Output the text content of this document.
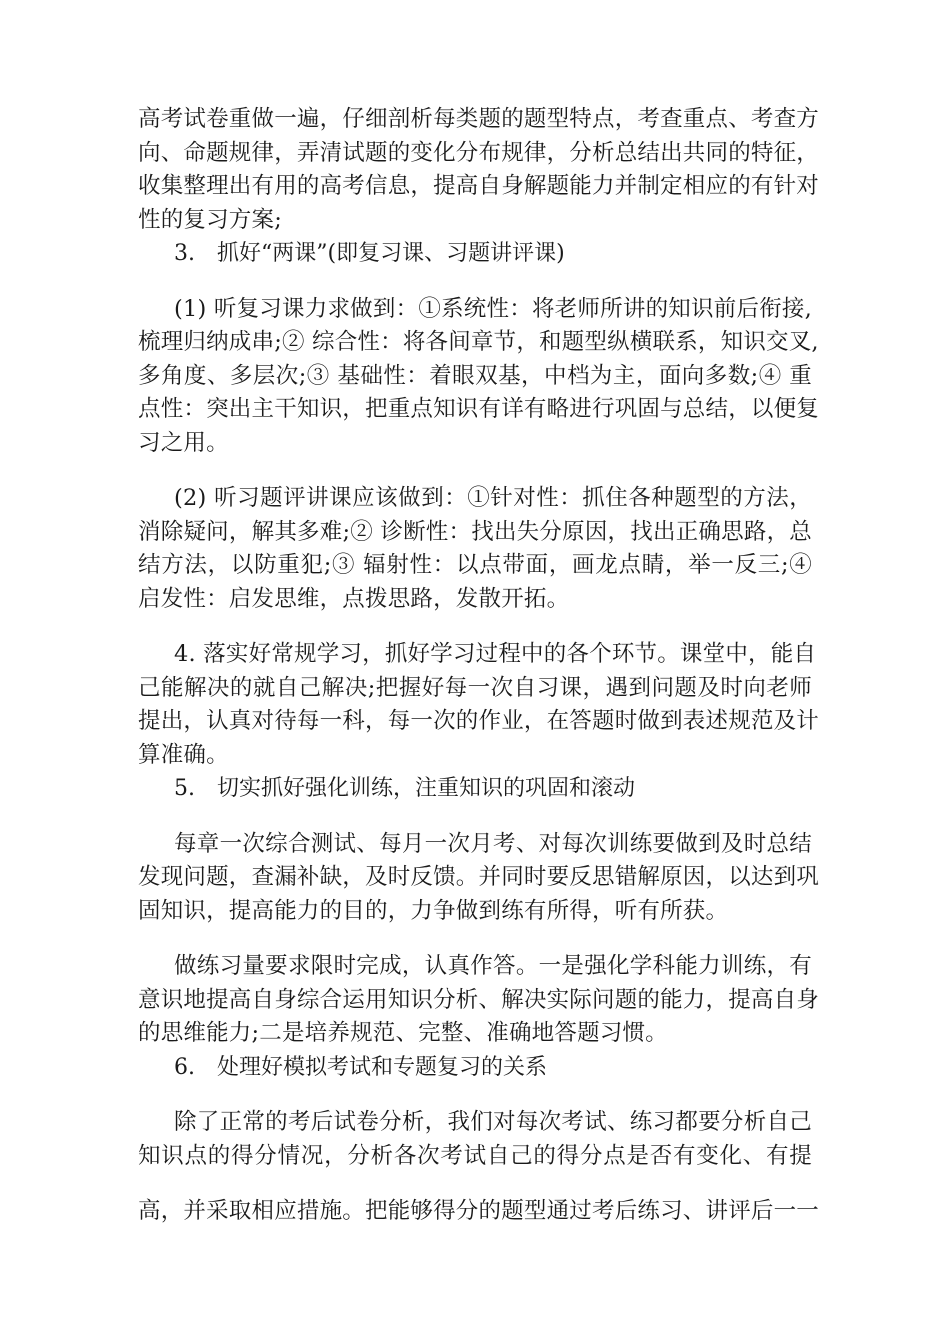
高考试卷重做一遍，仔细剖析每类题的题型特点，考查重点、考查方
向、命题规律，弄清试题的变化分布规律，分析总结出共同的特征，
收集整理出有用的高考信息，提高自身解题能力并制定相应的有针对
性的复习方案;

3.　抓好“两课”(即复习课、习题讲评课)

(1) 听复习课力求做到：①系统性：将老师所讲的知识前后衔接,
梳理归纳成串;② 综合性：将各间章节，和题型纵横联系，知识交叉,
多角度、多层次;③ 基础性：着眼双基，中档为主，面向多数;④ 重
点性：突出主干知识，把重点知识有详有略进行巩固与总结，以便复
习之用。
(2) 听习题评讲课应该做到：①针对性：抓住各种题型的方法，
消除疑问，解其多难;② 诊断性：找出失分原因，找出正确思路，总
结方法，以防重犯;③ 辐射性：以点带面，画龙点睛，举一反三;④
启发性：启发思维，点拨思路，发散开拓。
4. 落实好常规学习，抓好学习过程中的各个环节。课堂中，能自
己能解决的就自己解决;把握好每一次自习课，遇到问题及时向老师
提出，认真对待每一科，每一次的作业，在答题时做到表述规范及计
算准确。

5.　切实抓好强化训练，注重知识的巩固和滚动

每章一次综合测试、每月一次月考、对每次训练要做到及时总结
发现问题，查漏补缺，及时反馈。并同时要反思错解原因，以达到巩
固知识，提高能力的目的，力争做到练有所得，听有所获。
做练习量要求限时完成，认真作答。一是强化学科能力训练，有
意识地提高自身综合运用知识分析、解决实际问题的能力，提高自身
的思维能力;二是培养规范、完整、准确地答题习惯。

6.　处理好模拟考试和专题复习的关系

除了正常的考后试卷分析，我们对每次考试、练习都要分析自己
知识点的得分情况，分析各次考试自己的得分点是否有变化、有提
高，并采取相应措施。把能够得分的题型通过考后练习、讲评后一一
